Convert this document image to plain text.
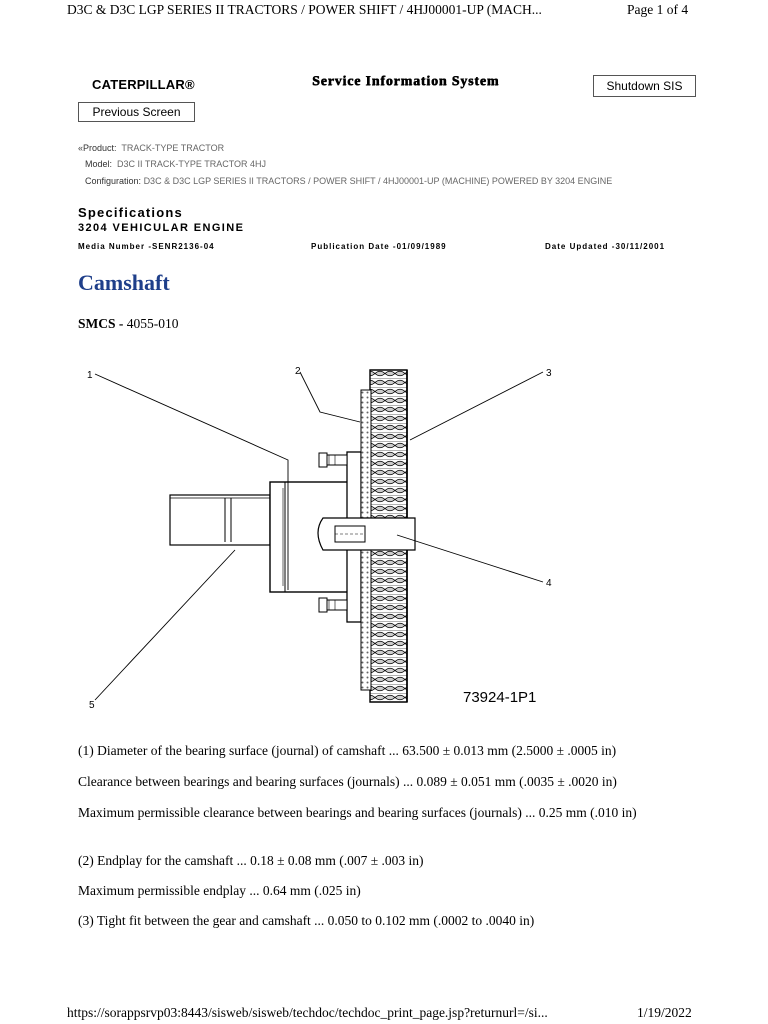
D3C & D3C LGP SERIES II TRACTORS / POWER SHIFT / 4HJ00001-UP (MACH...	Page 1 of 4
CATERPILLAR®	Service Information System	Shutdown SIS
Previous Screen
«Product: TRACK-TYPE TRACTOR
Model: D3C II TRACK-TYPE TRACTOR 4HJ
Configuration: D3C & D3C LGP SERIES II TRACTORS / POWER SHIFT / 4HJ00001-UP (MACHINE) POWERED BY 3204 ENGINE
Specifications
3204 VEHICULAR ENGINE
Media Number -SENR2136-04	Publication Date -01/09/1989	Date Updated -30/11/2001
Camshaft
SMCS - 4055-010
1	2	3
4
5	73924-1P1
(1) Diameter of the bearing surface (journal) of camshaft ... 63.500 ± 0.013 mm (2.5000 ± .0005 in)
Clearance between bearings and bearing surfaces (journals) ... 0.089 ± 0.051 mm (.0035 ± .0020 in)
Maximum permissible clearance between bearings and bearing surfaces (journals) ... 0.25 mm (.010 in)
(2) Endplay for the camshaft ... 0.18 ± 0.08 mm (.007 ± .003 in)
Maximum permissible endplay ... 0.64 mm (.025 in)
(3) Tight fit between the gear and camshaft ... 0.050 to 0.102 mm (.0002 to .0040 in)
https://sorappsrvp03:8443/sisweb/sisweb/techdoc/techdoc_print_page.jsp?returnurl=/si...	1/19/2022
